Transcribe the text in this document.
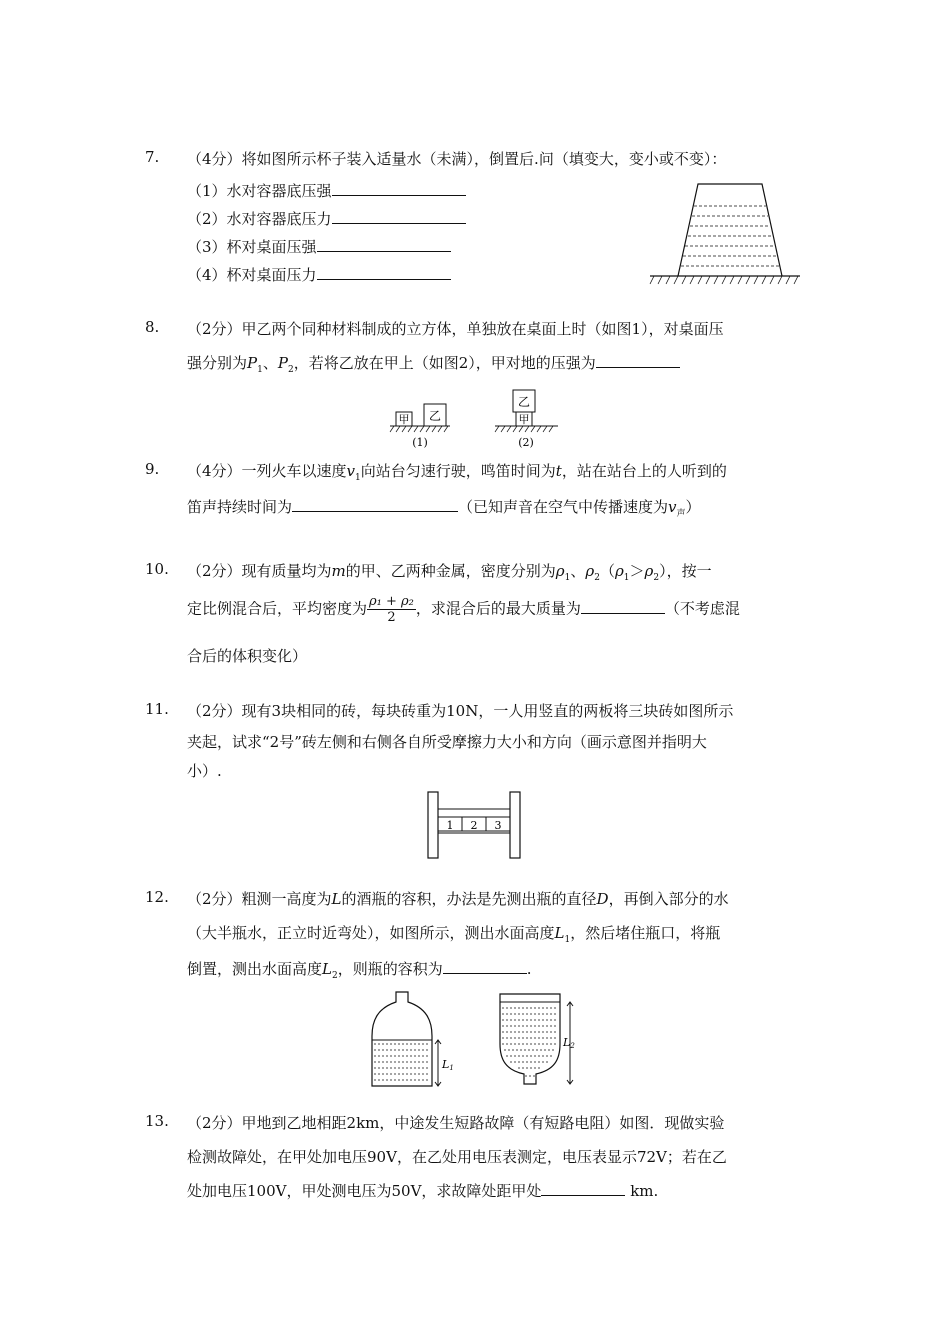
7. （4分）将如图所示杯子装入适量水（未满），倒置后.问（填变大，变小或不变）：
（1）水对容器底压强
（2）水对容器底压力
（3）杯对桌面压强
（4）杯对桌面压力
8. （2分）甲乙两个同种材料制成的立方体，单独放在桌面上时（如图1），对桌面压
强分别为$P_1$、$P_2$，若将乙放在甲上（如图2），甲对地的压强为
甲 乙
(1)
甲
乙
(2)
9. （4分）一列火车以速度$v_1$向站台匀速行驶，鸣笛时间为t，站在站台上的人听到的
笛声持续时间为	（已知声音在空气中传播速度为$v_声$）
10. （2分）现有质量均为m的甲、乙两种金属，密度分别为$\rho_1$、$\rho_2(\rho_1>\rho_2)$，按一
定比例混合后，平均密度为 $\frac{\text{ρ₁ + ρ₂}}{2}$ ，求混合后的最大质量为	（不考虑混
合后的体积变化）
11. （2分）现有3块相同的砖，每块砖重为10N，一人用竖直的两板将三块砖如图所示
夹起，试求“2号”砖左侧和右侧各自所受摩擦力大小和方向（画示意图并指明大
小）.
1 2 3
12. （2分）粗测一高度为L的酒瓶的容积，办法是先测出瓶的直径D，再倒入部分的水
（大半瓶水，正立时近弯处），如图所示，测出水面高度$L_1$，然后堵住瓶口，将瓶
倒置，测出水面高度$L_2$，则瓶的容积为	.
L1
L2
13. （2分）甲地到乙地相距2km，中途发生短路故障（有短路电阻）如图．现做实验
检测故障处，在甲处加电压90V，在乙处用电压表测定，电压表显示72V；若在乙
处加电压100V，甲处测电压为50V，求故障处距甲处	km.
